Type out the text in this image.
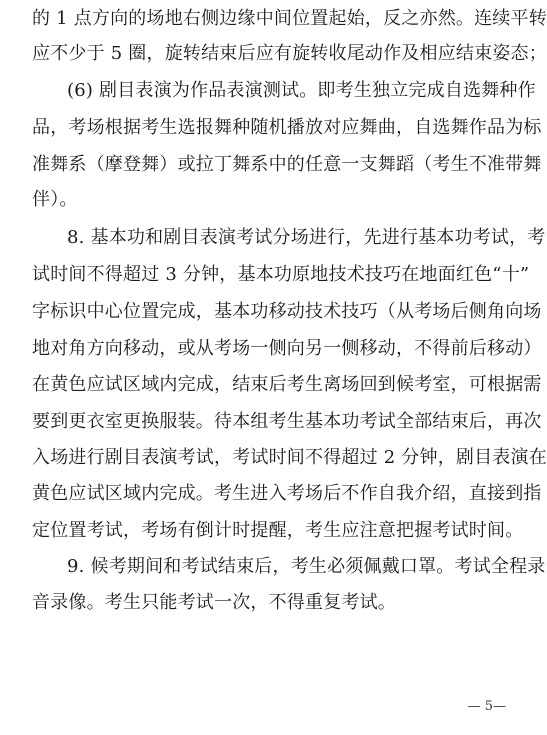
的 1 点方向的场地右侧边缘中间位置起始，反之亦然。连续平转
应不少于 5 圈，旋转结束后应有旋转收尾动作及相应结束姿态；
(6) 剧目表演为作品表演测试。即考生独立完成自选舞种作
品，考场根据考生选报舞种随机播放对应舞曲，自选舞作品为标
准舞系（摩登舞）或拉丁舞系中的任意一支舞蹈（考生不准带舞
伴）。
8. 基本功和剧目表演考试分场进行，先进行基本功考试，考
试时间不得超过 3 分钟，基本功原地技术技巧在地面红色“十”
字标识中心位置完成，基本功移动技术技巧（从考场后侧角向场
地对角方向移动，或从考场一侧向另一侧移动，不得前后移动）
在黄色应试区域内完成，结束后考生离场回到候考室，可根据需
要到更衣室更换服装。待本组考生基本功考试全部结束后，再次
入场进行剧目表演考试，考试时间不得超过 2 分钟，剧目表演在
黄色应试区域内完成。考生进入考场后不作自我介绍，直接到指
定位置考试，考场有倒计时提醒，考生应注意把握考试时间。
9. 候考期间和考试结束后，考生必须佩戴口罩。考试全程录
音录像。考生只能考试一次，不得重复考试。
— 5—
